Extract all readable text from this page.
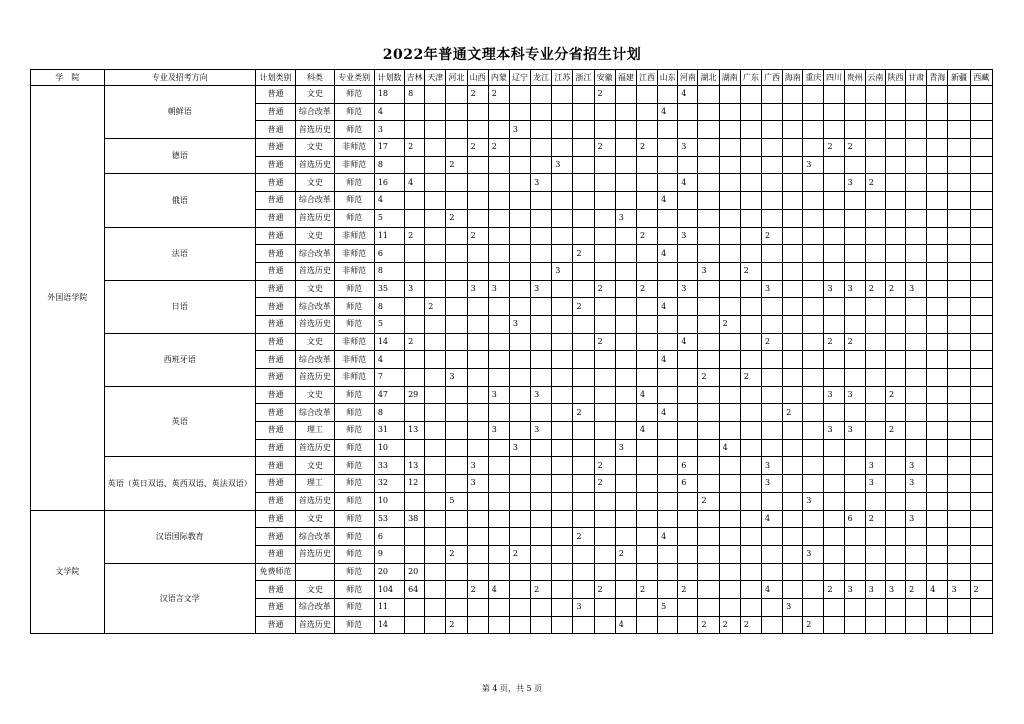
2022年普通文理本科专业分省招生计划
学　院	专业及招考方向	计划类别	科类	专业类别	计划数	吉林	天津	河北	山西	内蒙	辽宁	龙江	江苏	浙江	安徽	福建	江西	山东	河南	湖北	湖南	广东	广西	海南	重庆	四川	贵州	云南	陕西	甘肃	青海	新疆	西藏
外国语学院	朝鲜语	普通	文史	师范	18	8			2	2					2				4														
		普通	综合改革	师范	4													4															
		普通	首选历史	师范	3						3																						
	德语	普通	文史	非师范	17	2			2	2					2		2		3							2	2						
		普通	首选历史	非师范	8			2					3												3								
	俄语	普通	文史	师范	16	4						3							4								3	2					
		普通	综合改革	师范	4													4															
		普通	首选历史	师范	5			2								3																	
	法语	普通	文史	非师范	11	2			2								2		3				2										
		普通	综合改革	非师范	6									2				4															
		普通	首选历史	非师范	8								3							3		2											
	日语	普通	文史	师范	35	3			3	3		3			2		2		3				3			3	3	2	2	3			
		普通	综合改革	师范	8		2							2				4															
		普通	首选历史	师范	5						3										2												
	西班牙语	普通	文史	非师范	14	2									2				4				2			2	2						
		普通	综合改革	非师范	4													4															
		普通	首选历史	非师范	7			3												2		2											
	英语	普通	文史	师范	47	29				3		3					4									3	3		2				
		普通	综合改革	师范	8									2				4						2									
		普通	理工	师范	31	13				3		3					4									3	3		2				
		普通	首选历史	师范	10						3					3					4												
	英语（英日双语、英西双语、英法双语）	普通	文史	师范	33	13			3						2				6				3					3		3			
		普通	理工	师范	32	12			3						2				6				3					3		3			
		普通	首选历史	师范	10			5												2					3								
文学院	汉语国际教育	普通	文史	师范	53	38																	4				6	2		3			
		普通	综合改革	师范	6									2				4															
		普通	首选历史	师范	9			2			2					2									3								
	汉语言文学	免费师范		师范	20	20																											
		普通	文史	师范	104	64			2	4		2			2		2		2				4			2	3	3	3	2	4	3	2
		普通	综合改革	师范	11									3				5						3									
		普通	首选历史	师范	14			2								4				2	2	2			2								
第 4 页，共 5 页
